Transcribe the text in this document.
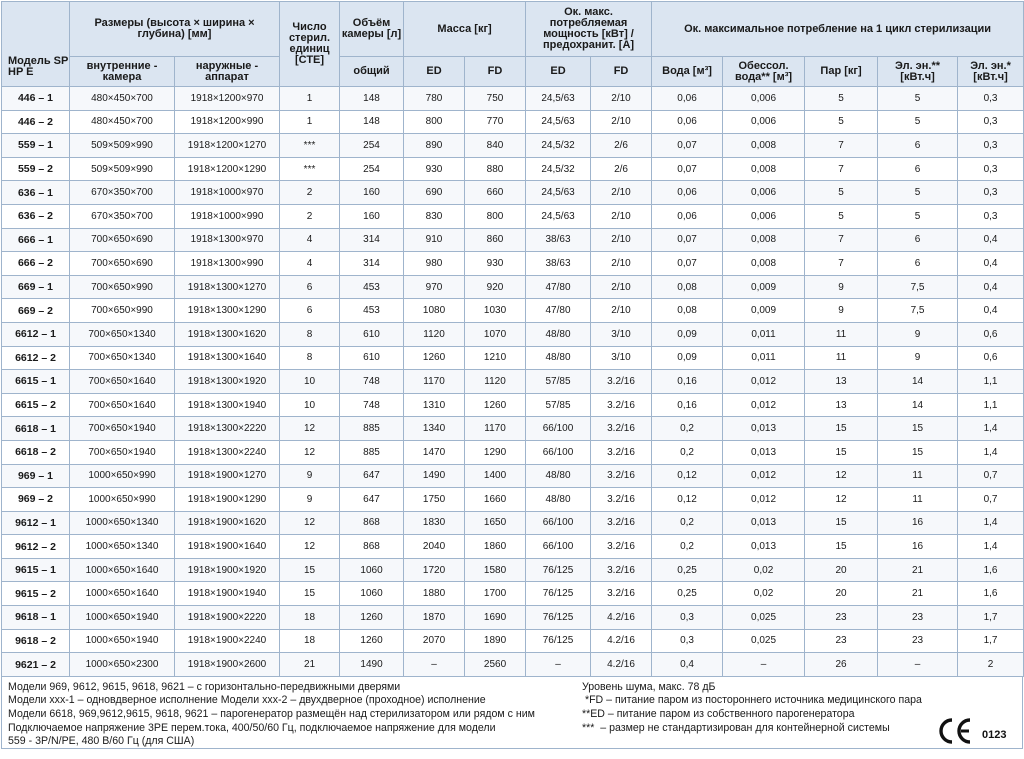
Модель SP HP E	Размеры (высота × ширина × глубина) [мм]		Число стерил. единиц [СТЕ]	Объём камеры [л]	Масса [кг]		Ок. макс. потребляемая мощность [кВт] / предохранит. [А]		Ок. максимальное потребление на 1 цикл стерилизации				
	внутренние - камера	наружные - аппарат		общий	ED	FD	ED	FD	Вода [м³]	Обессол. вода** [м³]	Пар [кг]	Эл. эн.** [кВт.ч]	Эл. эн.* [кВт.ч]
446 – 1	480×450×700	1918×1200×970	1	148	780	750	24,5/63	2/10	0,06	0,006	5	5	0,3
446 – 2	480×450×700	1918×1200×990	1	148	800	770	24,5/63	2/10	0,06	0,006	5	5	0,3
559 – 1	509×509×990	1918×1200×1270	***	254	890	840	24,5/32	2/6	0,07	0,008	7	6	0,3
559 – 2	509×509×990	1918×1200×1290	***	254	930	880	24,5/32	2/6	0,07	0,008	7	6	0,3
636 – 1	670×350×700	1918×1000×970	2	160	690	660	24,5/63	2/10	0,06	0,006	5	5	0,3
636 – 2	670×350×700	1918×1000×990	2	160	830	800	24,5/63	2/10	0,06	0,006	5	5	0,3
666 – 1	700×650×690	1918×1300×970	4	314	910	860	38/63	2/10	0,07	0,008	7	6	0,4
666 – 2	700×650×690	1918×1300×990	4	314	980	930	38/63	2/10	0,07	0,008	7	6	0,4
669 – 1	700×650×990	1918×1300×1270	6	453	970	920	47/80	2/10	0,08	0,009	9	7,5	0,4
669 – 2	700×650×990	1918×1300×1290	6	453	1080	1030	47/80	2/10	0,08	0,009	9	7,5	0,4
6612 – 1	700×650×1340	1918×1300×1620	8	610	1120	1070	48/80	3/10	0,09	0,011	11	9	0,6
6612 – 2	700×650×1340	1918×1300×1640	8	610	1260	1210	48/80	3/10	0,09	0,011	11	9	0,6
6615 – 1	700×650×1640	1918×1300×1920	10	748	1170	1120	57/85	3.2/16	0,16	0,012	13	14	1,1
6615 – 2	700×650×1640	1918×1300×1940	10	748	1310	1260	57/85	3.2/16	0,16	0,012	13	14	1,1
6618 – 1	700×650×1940	1918×1300×2220	12	885	1340	1170	66/100	3.2/16	0,2	0,013	15	15	1,4
6618 – 2	700×650×1940	1918×1300×2240	12	885	1470	1290	66/100	3.2/16	0,2	0,013	15	15	1,4
969 – 1	1000×650×990	1918×1900×1270	9	647	1490	1400	48/80	3.2/16	0,12	0,012	12	11	0,7
969 – 2	1000×650×990	1918×1900×1290	9	647	1750	1660	48/80	3.2/16	0,12	0,012	12	11	0,7
9612 – 1	1000×650×1340	1918×1900×1620	12	868	1830	1650	66/100	3.2/16	0,2	0,013	15	16	1,4
9612 – 2	1000×650×1340	1918×1900×1640	12	868	2040	1860	66/100	3.2/16	0,2	0,013	15	16	1,4
9615 – 1	1000×650×1640	1918×1900×1920	15	1060	1720	1580	76/125	3.2/16	0,25	0,02	20	21	1,6
9615 – 2	1000×650×1640	1918×1900×1940	15	1060	1880	1700	76/125	3.2/16	0,25	0,02	20	21	1,6
9618 – 1	1000×650×1940	1918×1900×2220	18	1260	1870	1690	76/125	4.2/16	0,3	0,025	23	23	1,7
9618 – 2	1000×650×1940	1918×1900×2240	18	1260	2070	1890	76/125	4.2/16	0,3	0,025	23	23	1,7
9621 – 2	1000×650×2300	1918×1900×2600	21	1490	–	2560	–	4.2/16	0,4	–	26	–	2

Модели 969, 9612, 9615, 9618, 9621 – с горизонтально-передвижными дверями

Модели ххх-1 – одновдверное исполнение Модели ххх-2 – двухдверное (проходное) исполнение

Модели 6618, 969,9612,9615, 9618, 9621 – парогенератор размещён над стерилизатором или рядом с ним

Подключаемое напряжение 3PE перем.тока, 400/50/60 Гц, подключаемое напряжение для модели

559 - 3P/N/PE, 480 В/60 Гц (для США)

Уровень шума, макс. 78 дБ

*FD – питание паром из постороннего источника медицинского пара

**ED – питание паром из собственного парогенератора

***  – размер не стандартизирован для контейнерной системы

0123
